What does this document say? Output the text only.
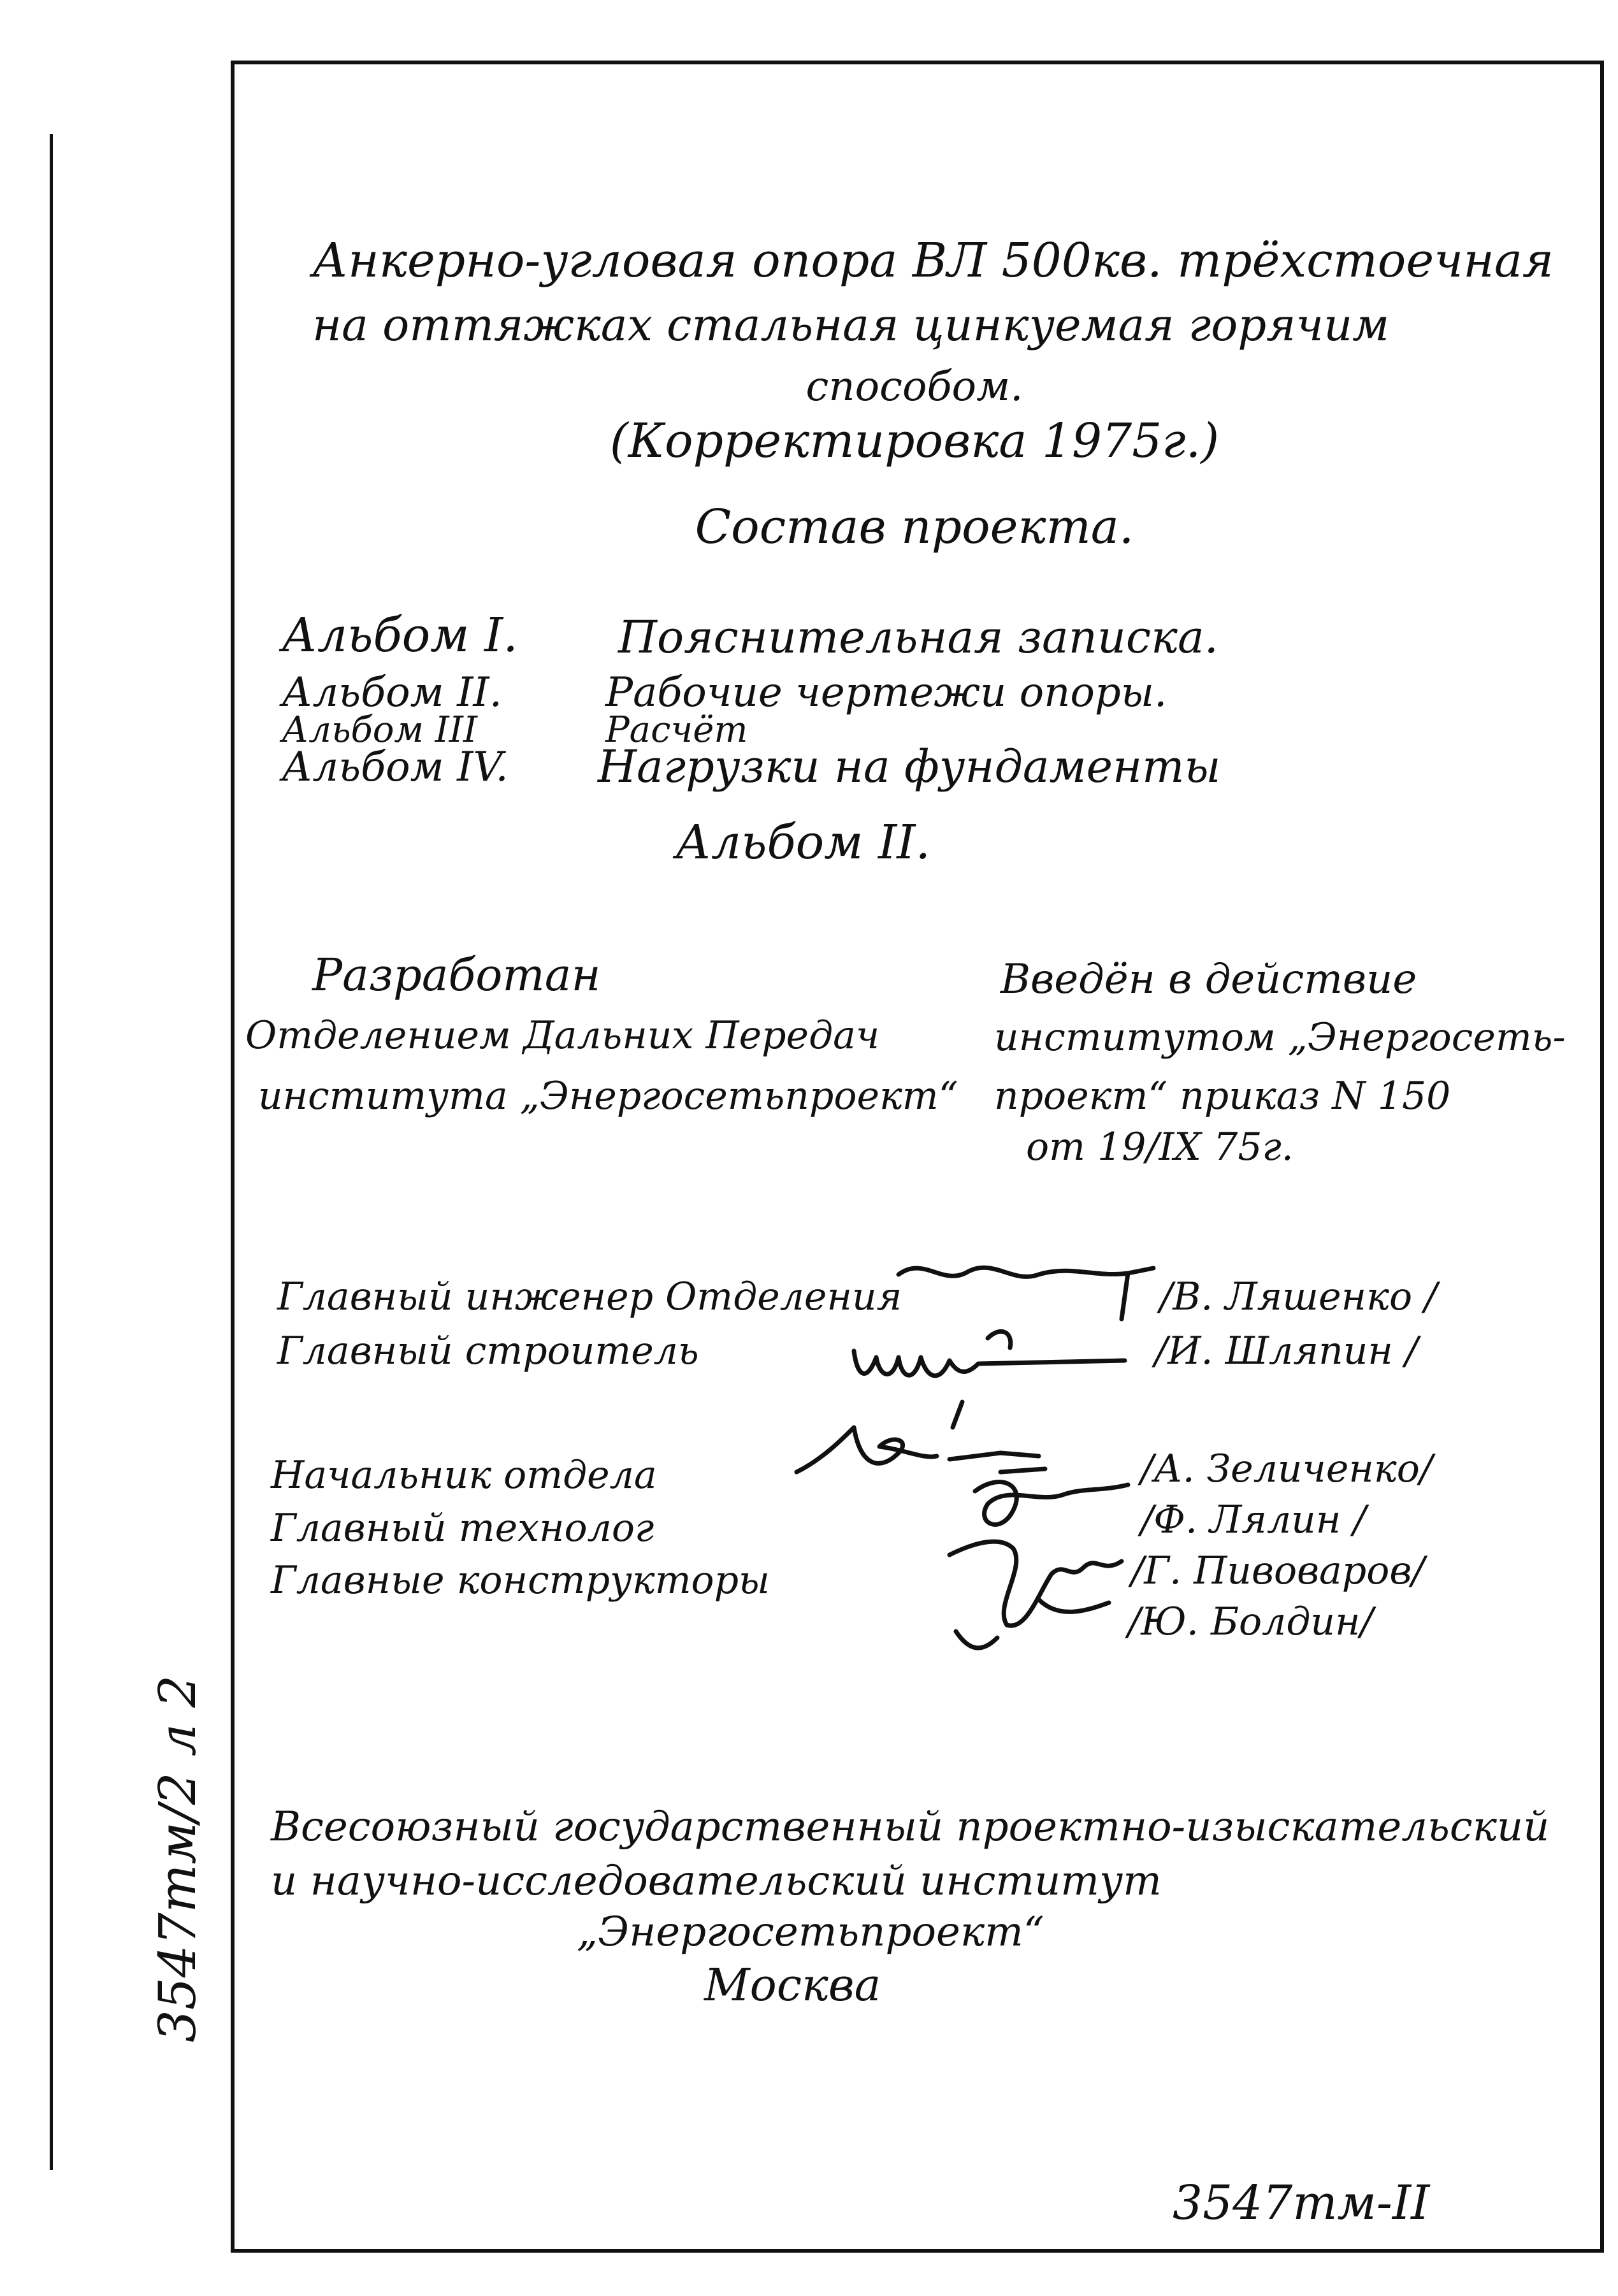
Анкерно-угловая опора ВЛ 500кв. трёхстоечная
на оттяжках стальная цинкуемая горячим
способом.
(Корректировка 1975г.)
Состав проекта.
Альбом I. Пояснительная записка.
Альбом II.	Рабочие чертежи опоры.
Альбом III	Расчёт
Альбом IV. Нагрузки на фундаменты
Альбом II.
Разработан
Отделением Дальних Передач
института „Энергосетьпроект“
Введён в действие
институтом „Энергосеть-
проект“ приказ N 150
от 19/IX 75г.
Главный инженер Отделения
Главный строитель
Начальник отдела
Главный технолог
Главные конструкторы
/В. Ляшенко /
/И. Шляпин /
/А. Зеличенко/
/Ф. Лялин /
/Г. Пивоваров/
/Ю. Болдин/
Всесоюзный государственный проектно-изыскательский
и научно-исследовательский институт
„Энергосетьпроект“
Москва
3547тм/2 л 2
3547тм-II
